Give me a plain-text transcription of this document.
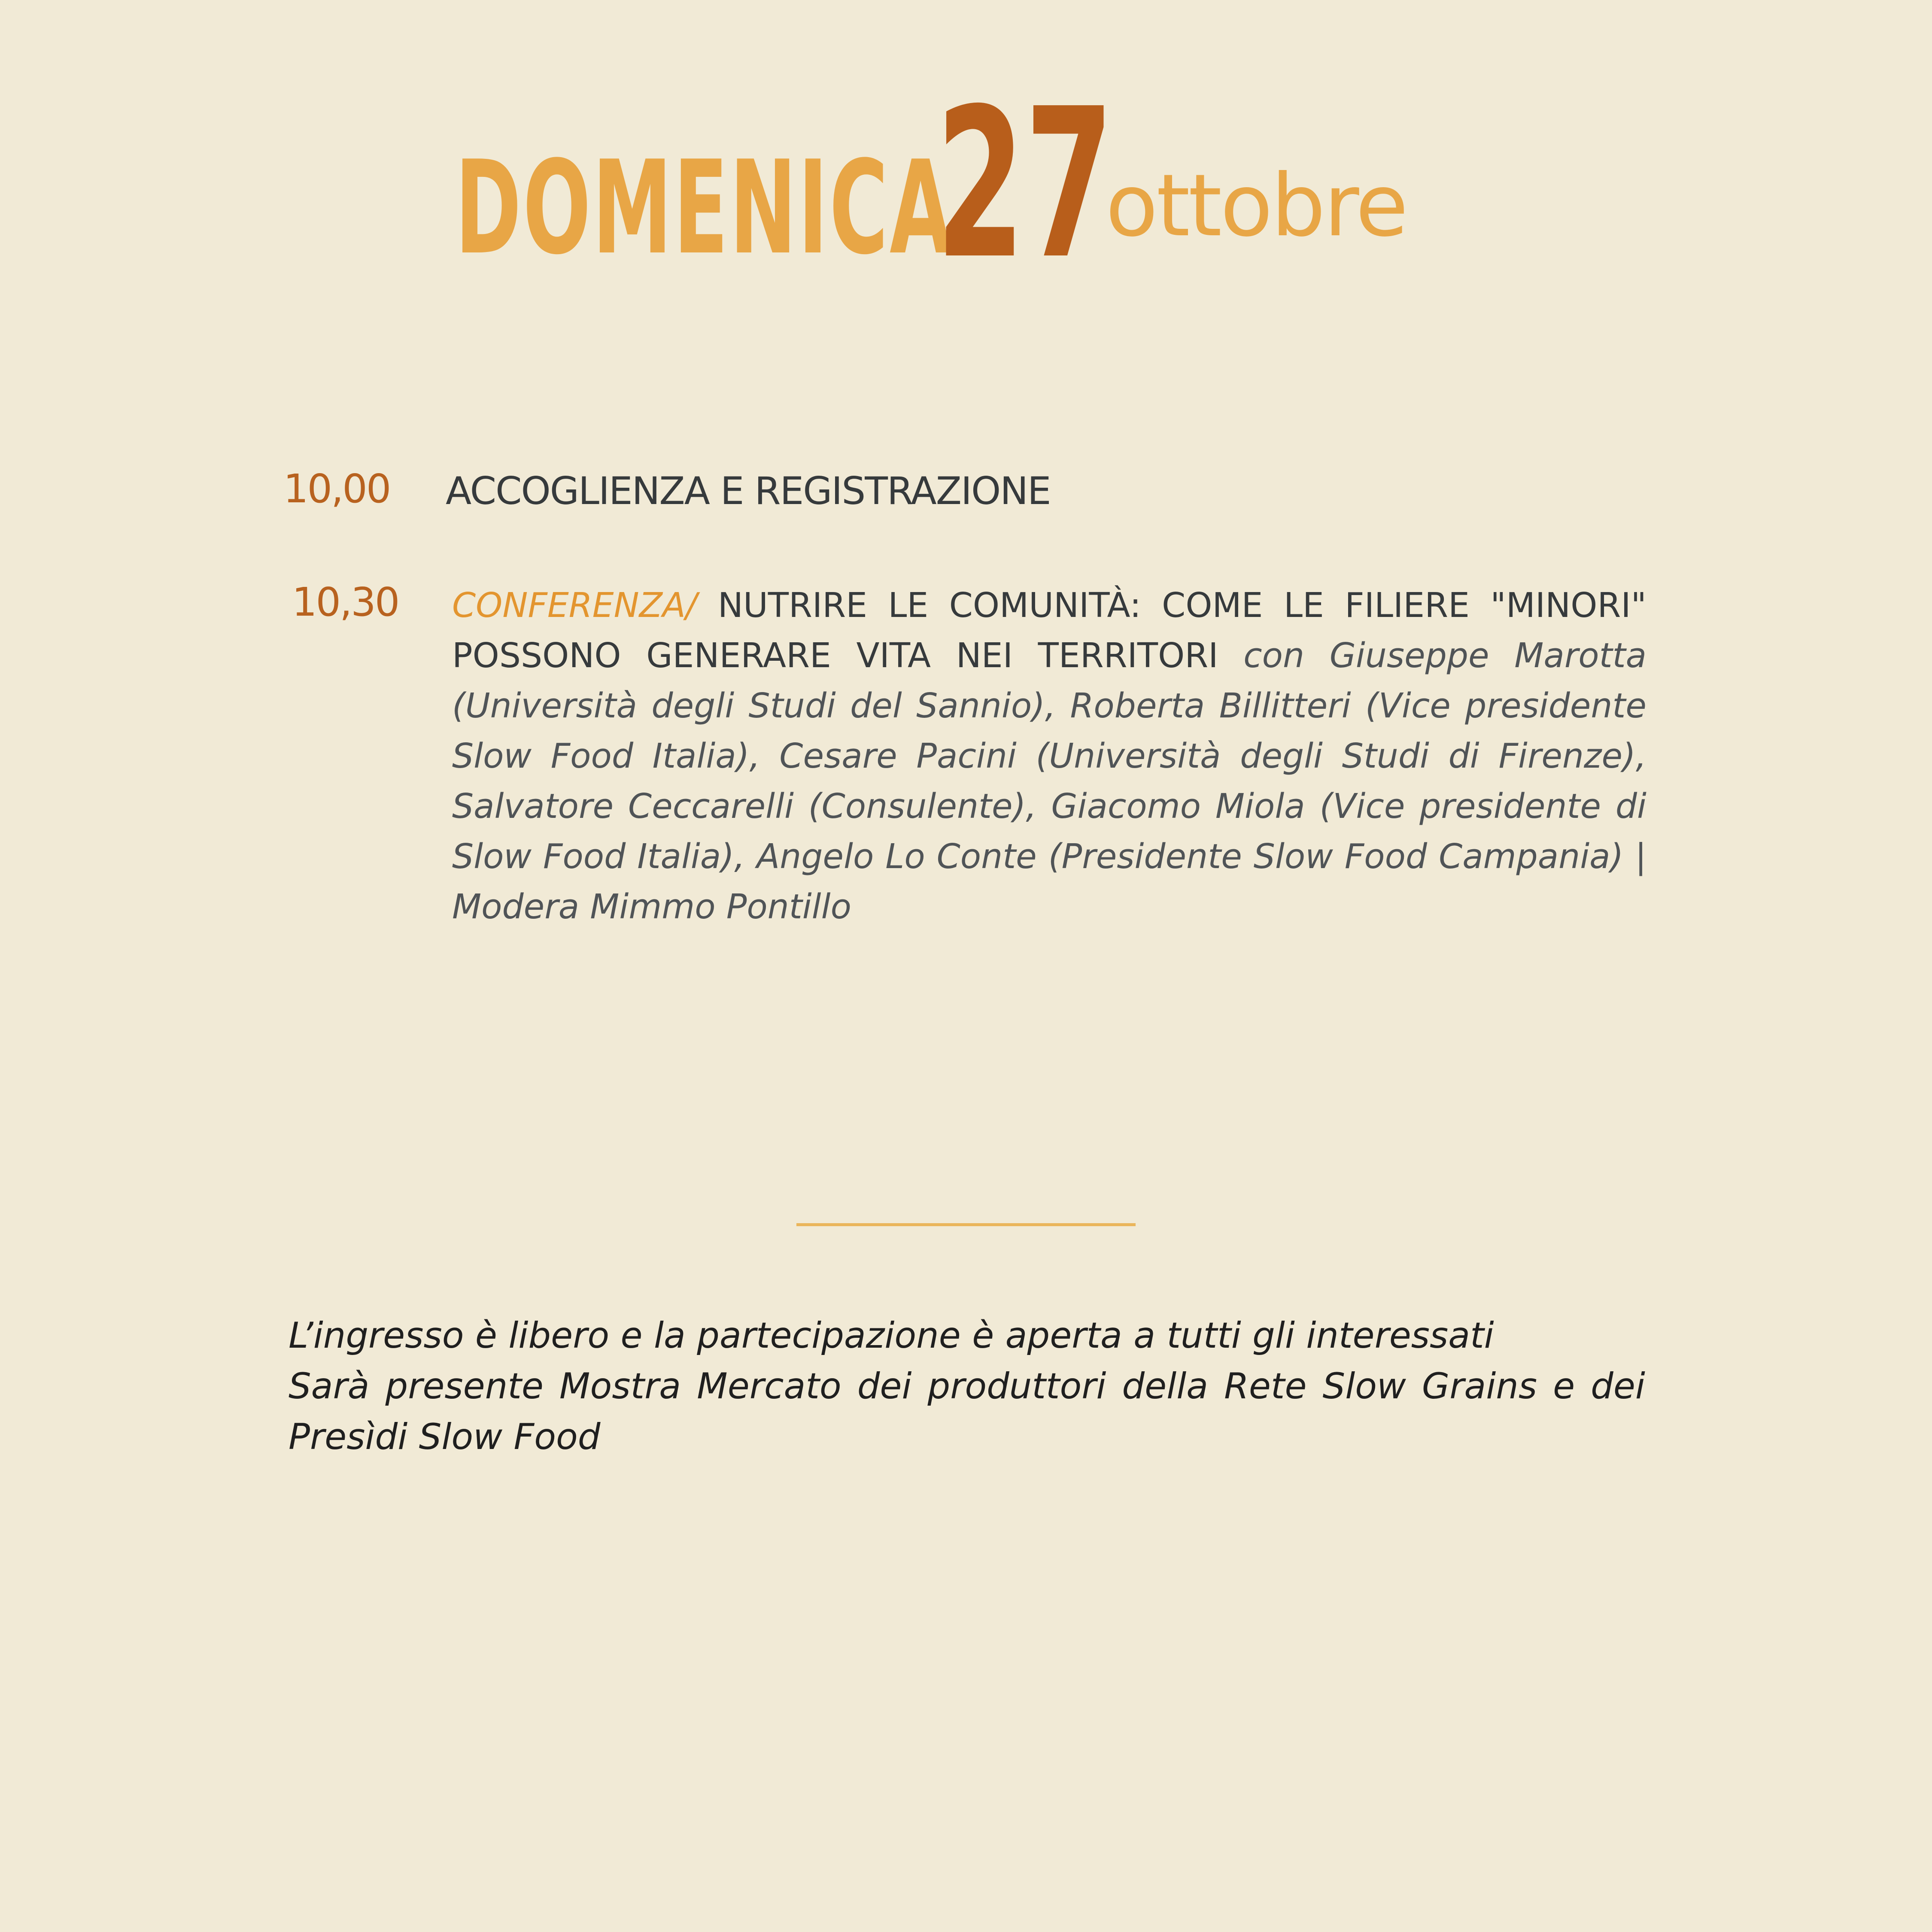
DOMENICA
27
ottobre
10,00 ACCOGLIENZA E REGISTRAZIONE
10,30 CONFERENZA/ NUTRIRE LE COMUNITÀ: COME LE FILIERE "MINORI" POSSONO GENERARE VITA NEI TERRITORI con Giuseppe Marotta (Università degli Studi del Sannio), Roberta Billitteri (Vice presidente Slow Food Italia), Cesare Pacini (Università degli Studi di Firenze), Salvatore Ceccarelli (Consulente), Giacomo Miola (Vice presidente di Slow Food Italia), Angelo Lo Conte (Presidente Slow Food Campania) | Modera Mimmo Pontillo

L’ingresso è libero e la partecipazione è aperta a tutti gli interessati

Sarà presente Mostra Mercato dei produttori della Rete Slow Grains e dei Presìdi Slow Food
